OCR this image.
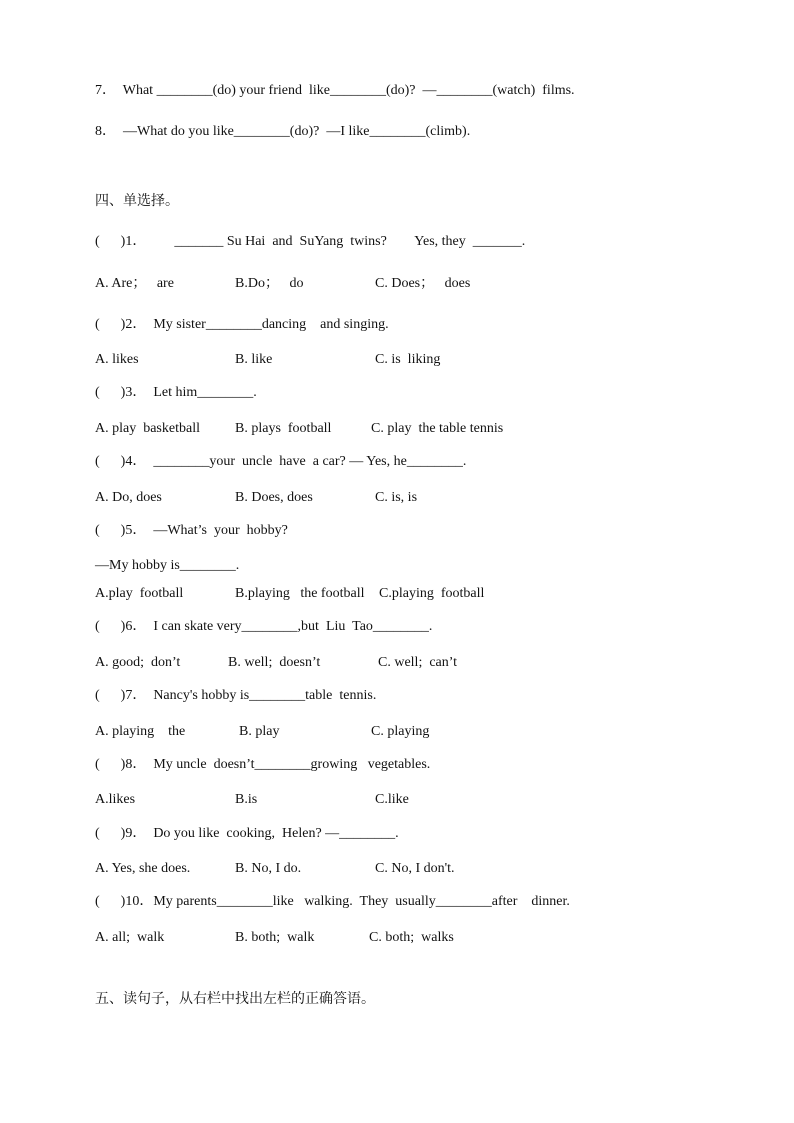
7．  What ________(do) your friend  like________(do)?  —________(watch)  films.
8．  —What do you like________(do)?  —I like________(climb).
四、单选择。
(      )1．        _______ Su Hai  and  SuYang  twins?        Yes, they  _______.
A. Are；   are	B.Do；   do	C. Does；   does
(      )2．  My sister________dancing    and singing.
A. likes	B. like	C. is  liking
(      )3．  Let him________.
A. play  basketball	B. plays  football	C. play  the table tennis
(      )4．  ________your  uncle  have  a car? — Yes, he________.
A. Do, does	B. Does, does	C. is, is
(      )5．  —What’s  your  hobby?
—My hobby is________.
A.play  football	B.playing   the football C.playing  football
(      )6．  I can skate very________,but  Liu  Tao________.
A. good;  don’t	B. well;  doesn’t	C. well;  can’t
(      )7．  Nancy's hobby is________table  tennis.
A. playing    the	B. play	C. playing
(      )8．  My uncle  doesn’t________growing   vegetables.
A.likes	B.is	C.like
(      )9．  Do you like  cooking,  Helen? —________.
A. Yes, she does.	B. No, I do.	C. No, I don't.
(      )10．My parents________like   walking.  They  usually________after    dinner.
A. all;  walk	B. both;  walk	C. both;  walks
五、读句子，从右栏中找出左栏的正确答语。
